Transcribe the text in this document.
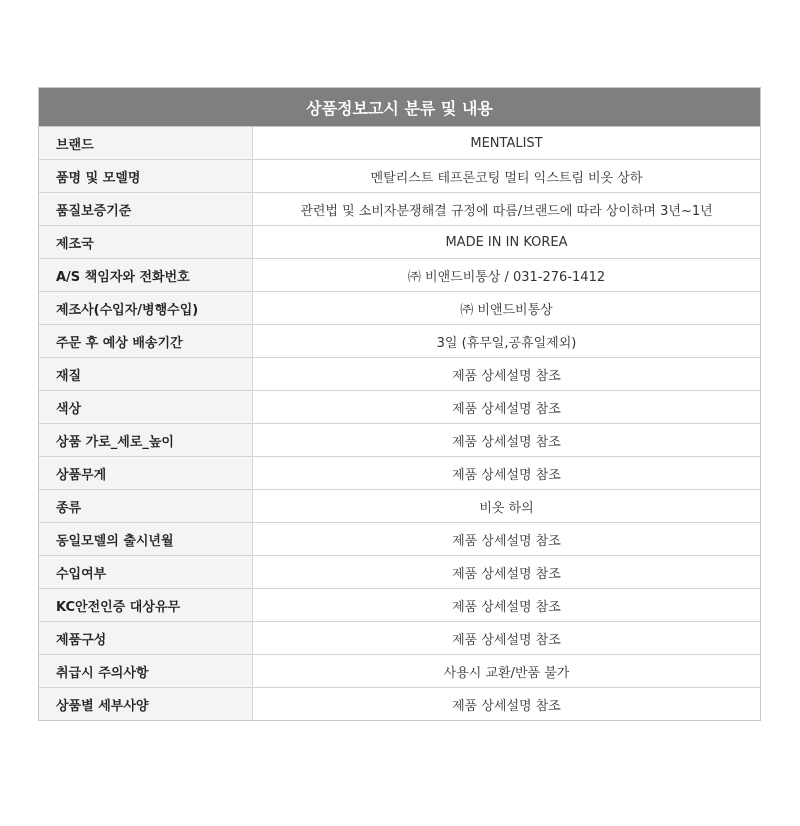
상품정보고시 분류 및 내용
브랜드	MENTALIST
품명 및 모델명	멘탈리스트 테프론코팅 멀티 익스트림 비옷 상하
품질보증기준	관련법 및 소비자분쟁해결 규정에 따름/브랜드에 따라 상이하며 3년~1년
제조국	MADE IN IN KOREA
A/S 책임자와 전화번호	㈜ 비앤드비통상 / 031-276-1412
제조사(수입자/병행수입)	㈜ 비앤드비통상
주문 후 예상 배송기간	3일 (휴무일,공휴일제외)
재질	제품 상세설명 참조
색상	제품 상세설명 참조
상품 가로_세로_높이	제품 상세설명 참조
상품무게	제품 상세설명 참조
종류	비옷 하의
동일모델의 출시년월	제품 상세설명 참조
수입여부	제품 상세설명 참조
KC안전인증 대상유무	제품 상세설명 참조
제품구성	제품 상세설명 참조
취급시 주의사항	사용시 교환/반품 불가
상품별 세부사양	제품 상세설명 참조
